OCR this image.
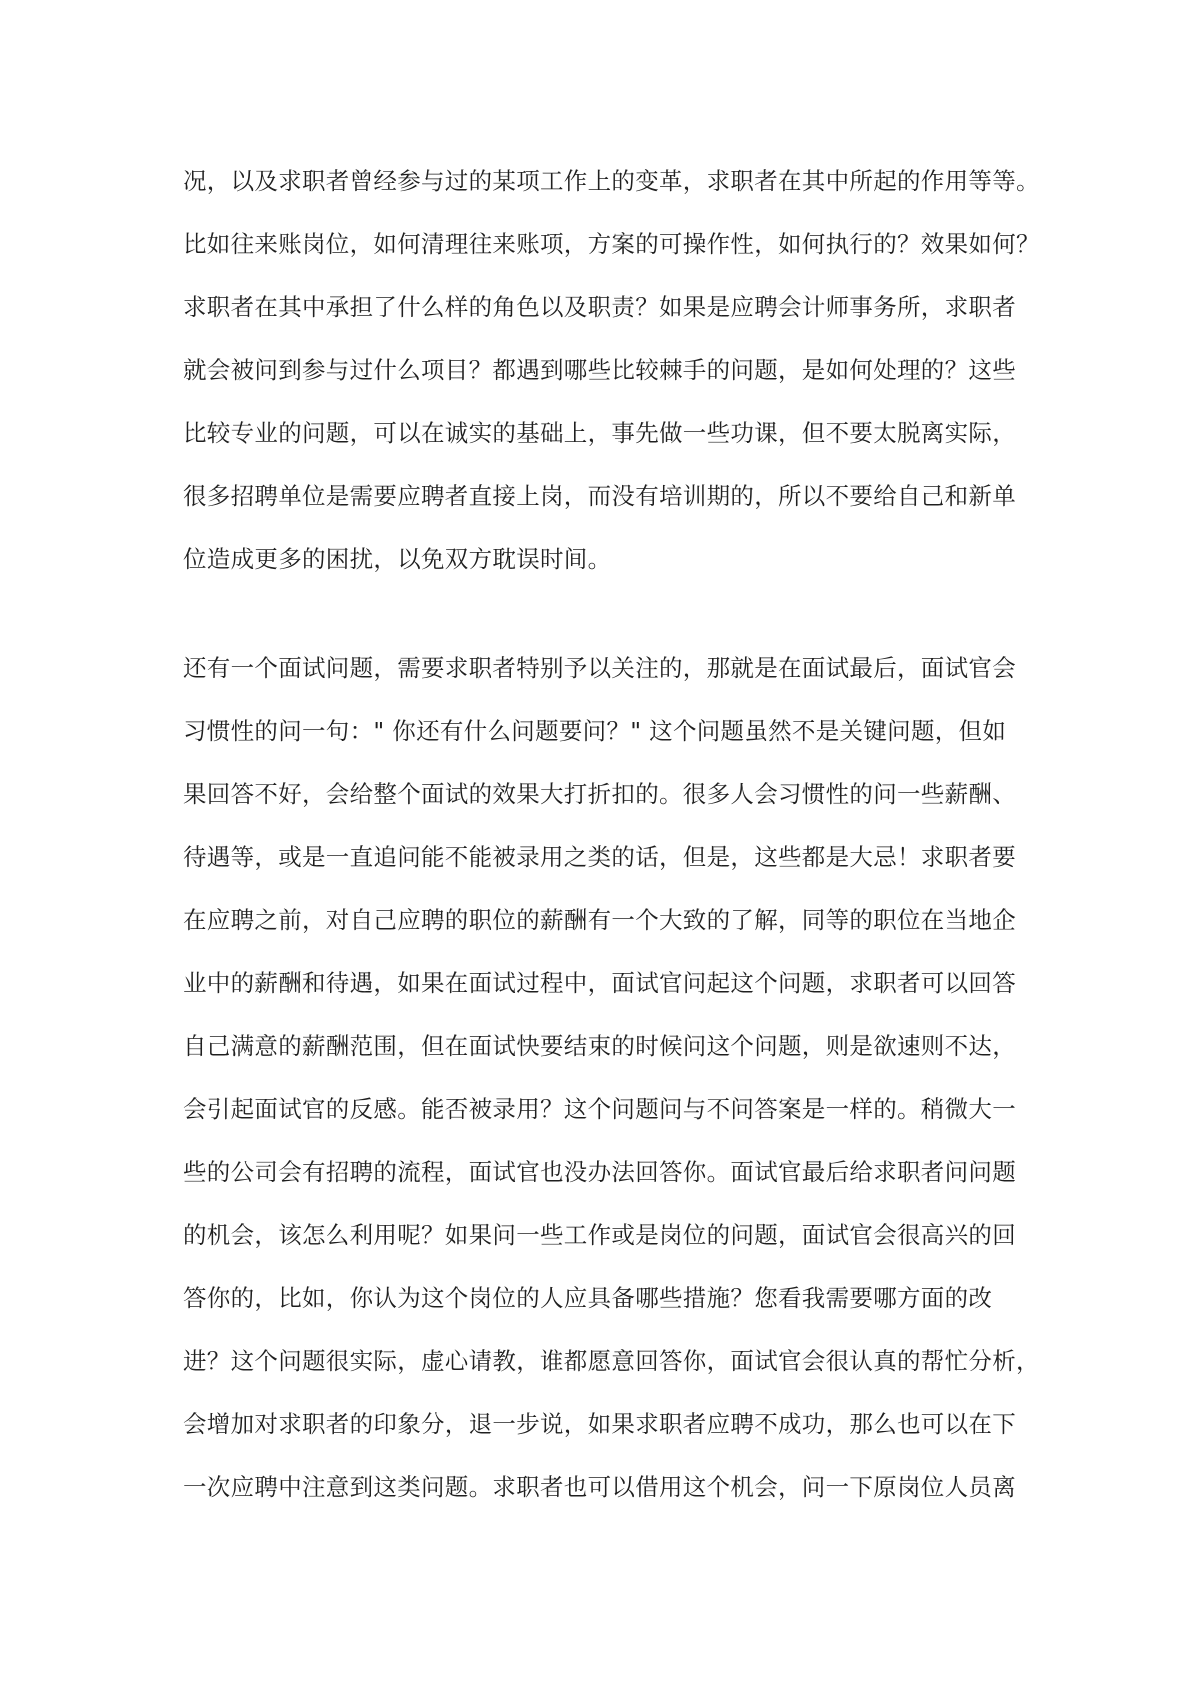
况，以及求职者曾经参与过的某项工作上的变革，求职者在其中所起的作用等等。
比如往来账岗位，如何清理往来账项，方案的可操作性，如何执行的？效果如何？
求职者在其中承担了什么样的角色以及职责？如果是应聘会计师事务所，求职者
就会被问到参与过什么项目？都遇到哪些比较棘手的问题，是如何处理的？这些
比较专业的问题，可以在诚实的基础上，事先做一些功课，但不要太脱离实际，
很多招聘单位是需要应聘者直接上岗，而没有培训期的，所以不要给自己和新单
位造成更多的困扰，以免双方耽误时间。
还有一个面试问题，需要求职者特别予以关注的，那就是在面试最后，面试官会
习惯性的问一句：" 你还有什么问题要问？" 这个问题虽然不是关键问题，但如
果回答不好，会给整个面试的效果大打折扣的。很多人会习惯性的问一些薪酬、
待遇等，或是一直追问能不能被录用之类的话，但是，这些都是大忌！求职者要
在应聘之前，对自己应聘的职位的薪酬有一个大致的了解，同等的职位在当地企
业中的薪酬和待遇，如果在面试过程中，面试官问起这个问题，求职者可以回答
自己满意的薪酬范围，但在面试快要结束的时候问这个问题，则是欲速则不达，
会引起面试官的反感。能否被录用？这个问题问与不问答案是一样的。稍微大一
些的公司会有招聘的流程，面试官也没办法回答你。面试官最后给求职者问问题
的机会，该怎么利用呢？如果问一些工作或是岗位的问题，面试官会很高兴的回
答你的，比如，你认为这个岗位的人应具备哪些措施？您看我需要哪方面的改
进？这个问题很实际，虚心请教，谁都愿意回答你，面试官会很认真的帮忙分析，
会增加对求职者的印象分，退一步说，如果求职者应聘不成功，那么也可以在下
一次应聘中注意到这类问题。求职者也可以借用这个机会，问一下原岗位人员离
